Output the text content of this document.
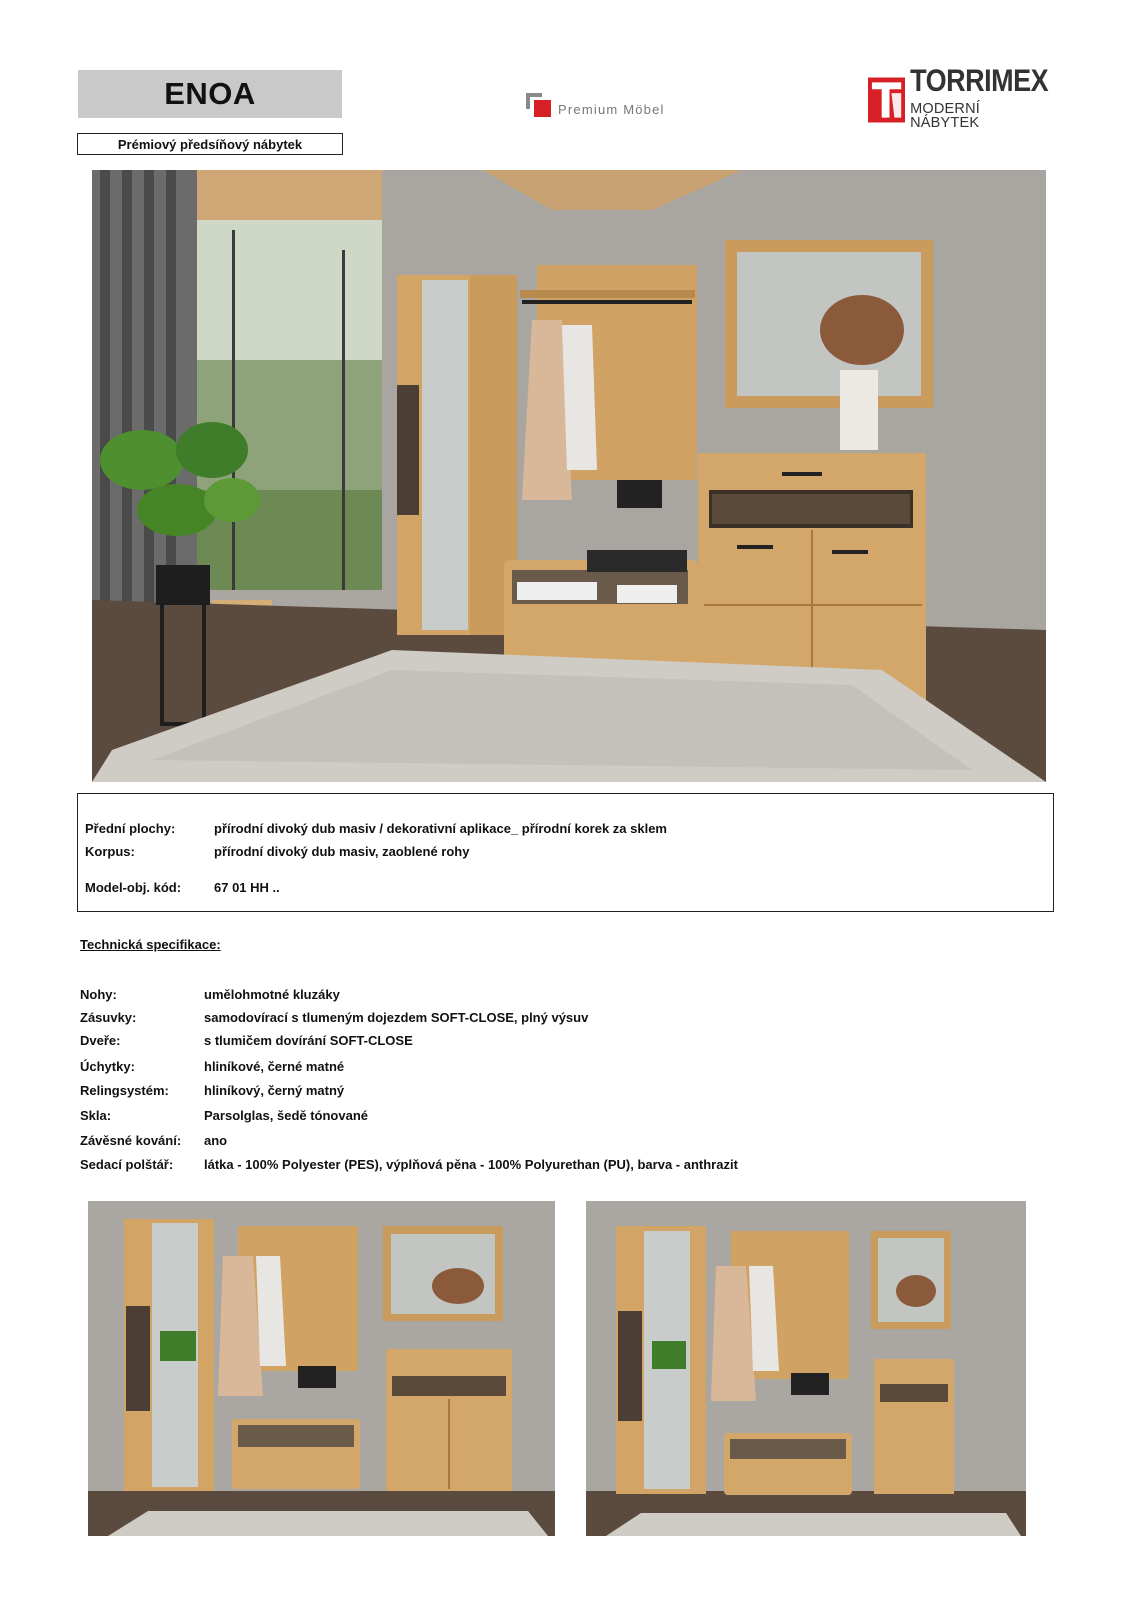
ENOA
Prémiový předsíňový nábytek
Premium Möbel
TORRIMEX
MODERNÍ NÁBYTEK
Přední plochy:	přírodní divoký dub masiv / dekorativní aplikace_ přírodní korek za sklem
Korpus:	přírodní divoký dub masiv, zaoblené rohy
Model-obj. kód:	67 01 HH ..
Technická specifikace:
Nohy:	umělohmotné kluzáky
Zásuvky:	samodovírací s tlumeným dojezdem SOFT-CLOSE, plný výsuv
Dveře:	s tlumičem dovírání SOFT-CLOSE
Úchytky:	hliníkové, černé matné
Relingsystém:	hliníkový, černý matný
Skla:	Parsolglas, šedě tónované
Závěsné kování: ano
Sedací polštář: látka - 100% Polyester (PES), výplňová pěna - 100% Polyurethan (PU), barva - anthrazit
